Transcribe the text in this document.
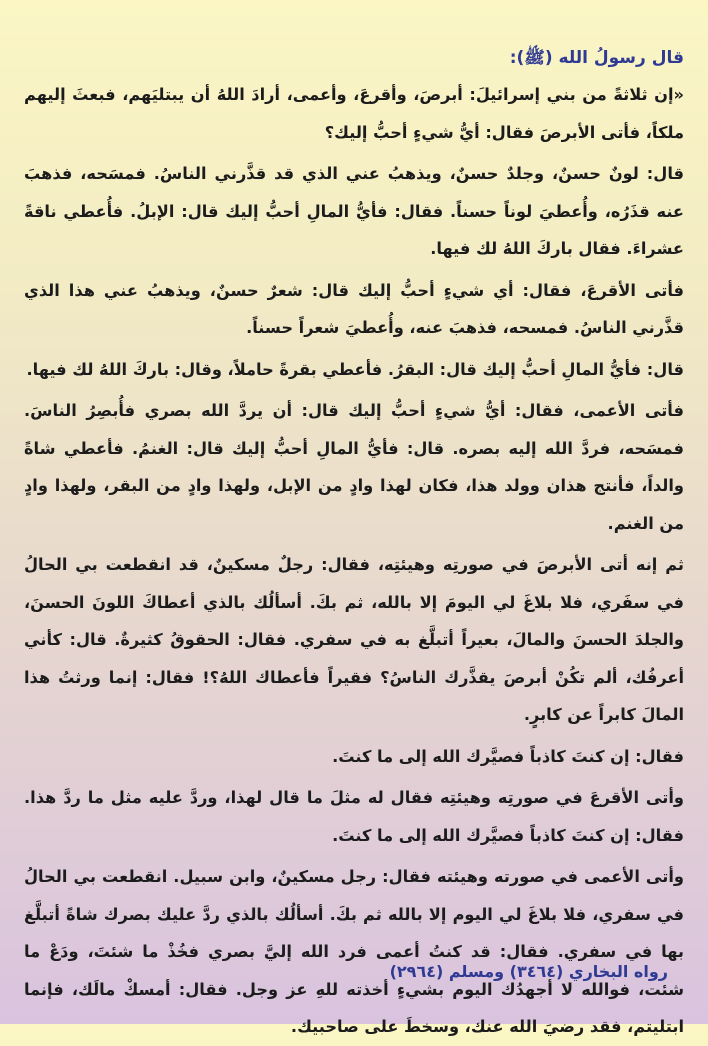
قال رسولُ الله (ﷺ):
«إن ثلاثةً من بني إسرائيلَ: أبرصَ، وأقرعَ، وأعمى، أرادَ اللهُ أن يبتليَهم، فبعثَ إليهم ملكاً، فأتى الأبرصَ فقال: أيُّ شيءٍ أحبُّ إليك؟
قال: لونٌ حسنٌ، وجلدٌ حسنٌ، ويذهبُ عني الذي قد قذَّرني الناسُ. فمسَحه، فذهبَ عنه قذَرُه، وأُعطيَ لوناً حسناً. فقال: فأيُّ المالِ أحبُّ إليك قال: الإبلُ. فأُعطي ناقةً عشراءَ. فقال باركَ اللهُ لك فيها.
فأتى الأقرعَ، فقال: أي شيءٍ أحبُّ إليك قال: شعرٌ حسنٌ، ويذهبُ عني هذا الذي قذَّرني الناسُ. فمسحه، فذهبَ عنه، وأُعطيَ شعراً حسناً.
قال: فأيُّ المالِ أحبُّ إليك قال: البقرُ. فأعطي بقرةً حاملاً، وقال: باركَ اللهُ لك فيها.
فأتى الأعمى، فقال: أيُّ شيءٍ أحبُّ إليك قال: أن يردَّ الله بصري فأُبصِرُ الناسَ. فمسَحه، فردَّ الله إليه بصره. قال: فأيُّ المالِ أحبُّ إليك قال: الغنمُ. فأعطي شاةً والداً، فأنتج هذان وولد هذا، فكان لهذا وادٍ من الإبل، ولهذا وادٍ من البقر، ولهذا وادٍ من الغنم.
ثم إنه أتى الأبرصَ في صورتِه وهيئتِه، فقال: رجلٌ مسكينٌ، قد انقطعت بي الحالُ في سفَري، فلا بلاغَ لي اليومَ إلا بالله، ثم بكَ. أسألُك بالذي أعطاكَ اللونَ الحسنَ، والجلدَ الحسنَ والمالَ، بعيراً أتبلَّغ به في سفري. فقال: الحقوقُ كثيرةٌ. قال: كأني أعرفُك، ألم تكُنْ أبرصَ يقذَّرك الناسُ؟ فقيراً فأعطاك اللهُ؟! فقال: إنما ورثتُ هذا المالَ كابراً عن كابرٍ.
فقال: إن كنتَ كاذباً فصيَّرك الله إلى ما كنتَ.
وأتى الأقرعَ في صورتِه وهيئتِه فقال له مثلَ ما قال لهذا، وردَّ عليه مثل ما ردَّ هذا. فقال: إن كنتَ كاذباً فصيَّرك الله إلى ما كنتَ.
وأتى الأعمى في صورته وهيئته فقال: رجل مسكينٌ، وابن سبيل. انقطعت بي الحالُ في سفري، فلا بلاغَ لي اليوم إلا بالله ثم بكَ. أسألُك بالذي ردَّ عليك بصرك شاةً أتبلَّغ بها في سفري. فقال: قد كنتُ أعمى فرد الله إليَّ بصري فخُذْ ما شئتَ، ودَعْ ما شئت، فوالله لا أجهدُك اليوم بشيءٍ أخذته للهِ عز وجل. فقال: أمسكْ مالَك، فإنما ابتليتم، فقد رضيَ الله عنك، وسخطَ على صاحبيك.
رواه البخاري (٣٤٦٤) ومسلم (٢٩٦٤)
